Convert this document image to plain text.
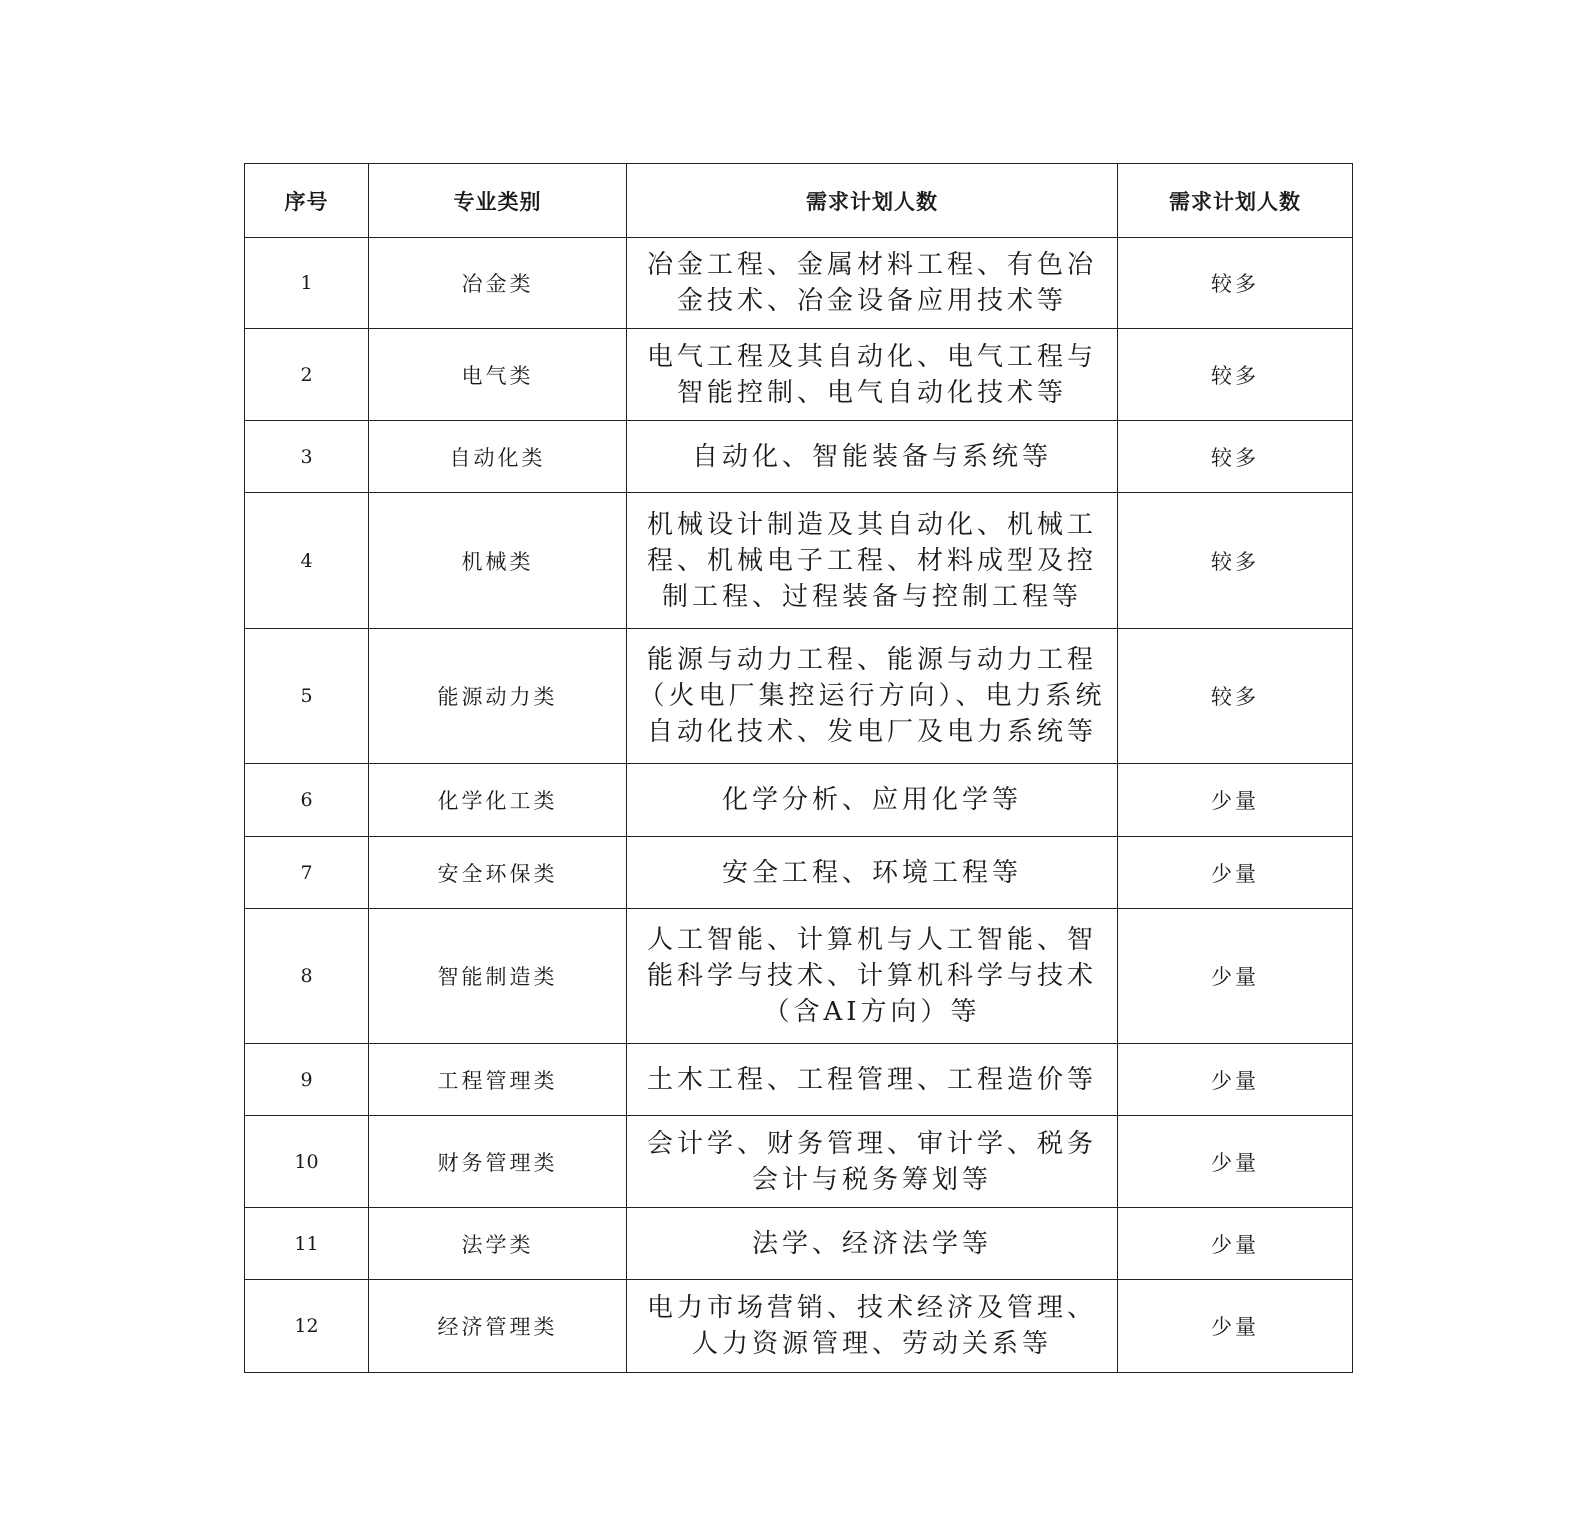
序号	专业类别	需求计划人数	需求计划人数
1	冶金类	冶金工程、金属材料工程、有色冶金技术、冶金设备应用技术等	较多
2	电气类	电气工程及其自动化、电气工程与智能控制、电气自动化技术等	较多
3	自动化类	自动化、智能装备与系统等	较多
4	机械类	机械设计制造及其自动化、机械工程、机械电子工程、材料成型及控制工程、过程装备与控制工程等	较多
5	能源动力类	能源与动力工程、能源与动力工程（火电厂集控运行方向）、电力系统自动化技术、发电厂及电力系统等	较多
6	化学化工类	化学分析、应用化学等	少量
7	安全环保类	安全工程、环境工程等	少量
8	智能制造类	人工智能、计算机与人工智能、智能科学与技术、计算机科学与技术（含AI方向）等	少量
9	工程管理类	土木工程、工程管理、工程造价等	少量
10	财务管理类	会计学、财务管理、审计学、税务会计与税务筹划等	少量
11	法学类	法学、经济法学等	少量
12	经济管理类	电力市场营销、技术经济及管理、人力资源管理、劳动关系等	少量
